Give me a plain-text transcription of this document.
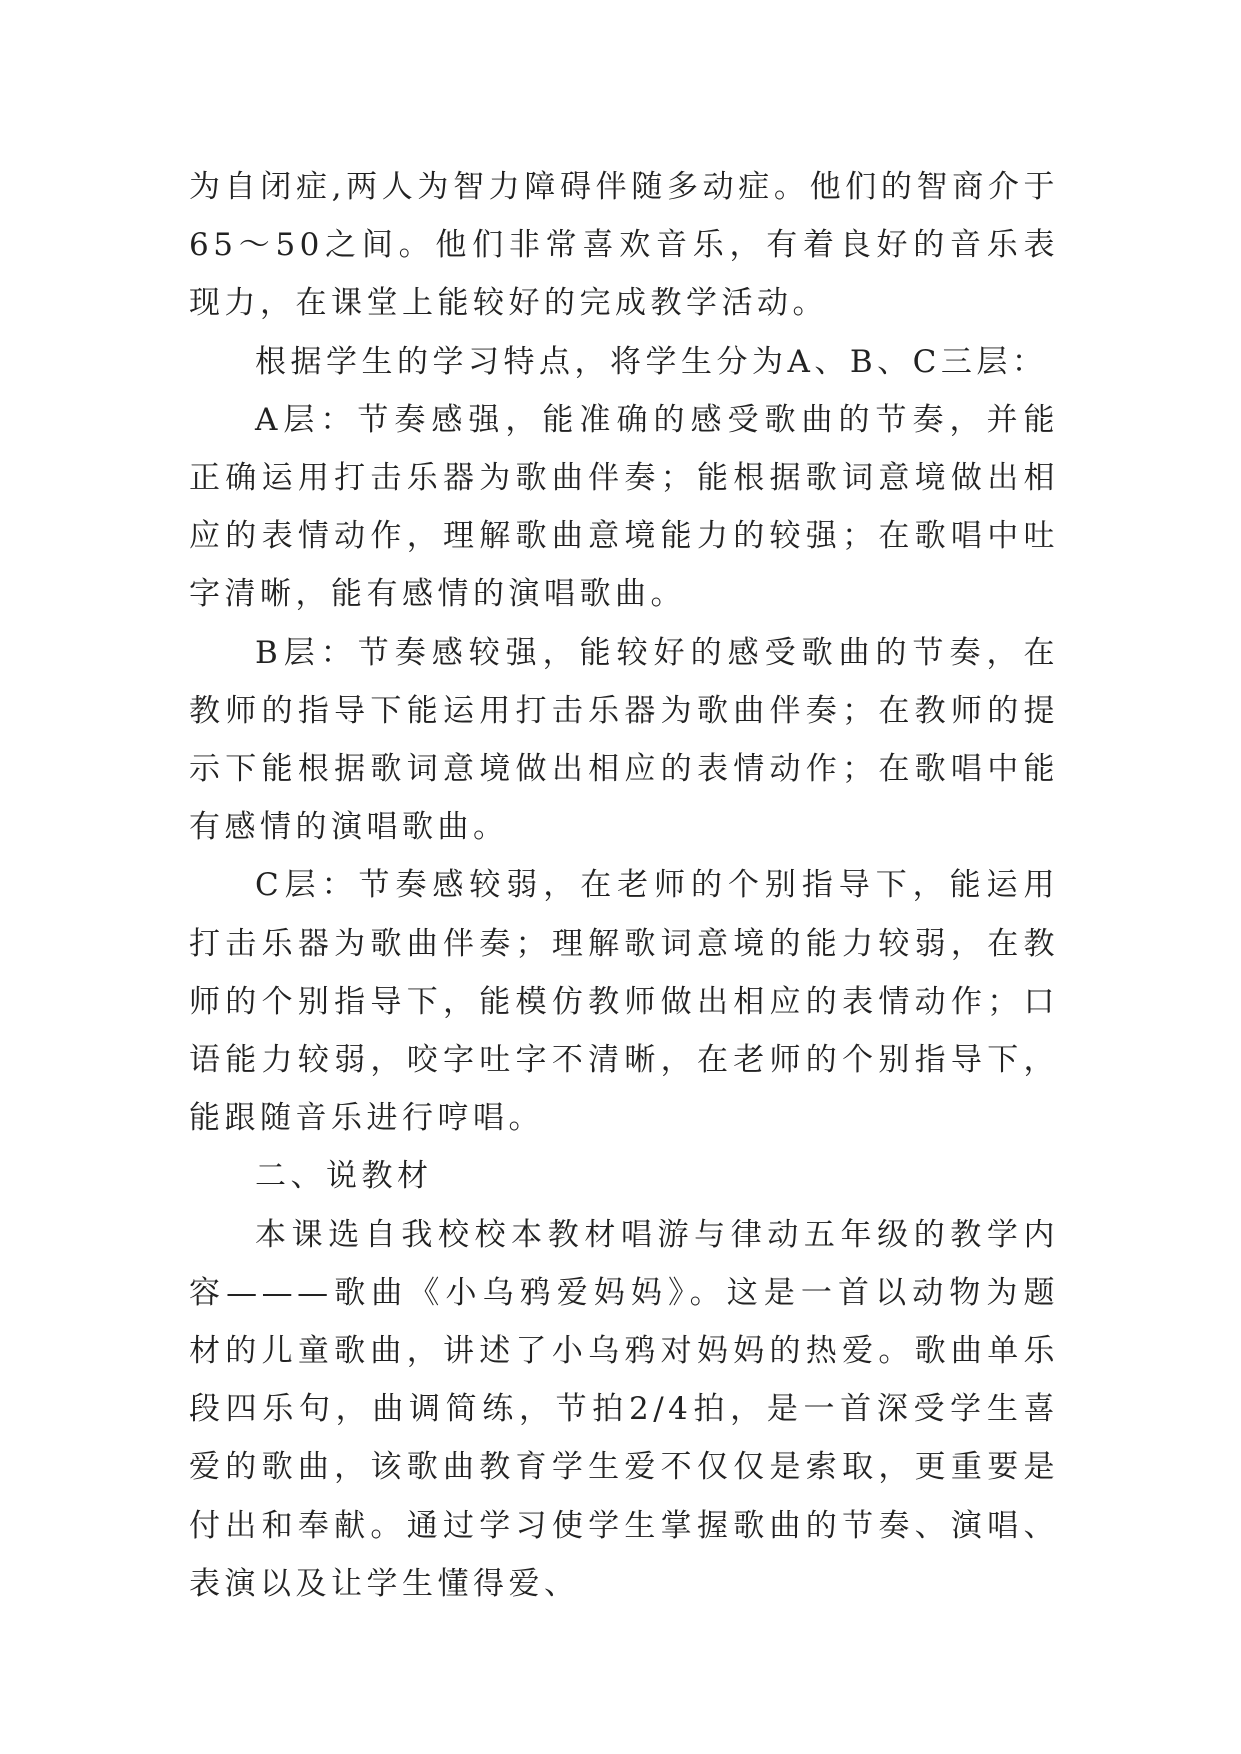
为自闭症,两人为智力障碍伴随多动症。他们的智商介于65～50之间。他们非常喜欢音乐，有着良好的音乐表现力，在课堂上能较好的完成教学活动。

根据学生的学习特点，将学生分为A、B、C三层：

A层：节奏感强，能准确的感受歌曲的节奏，并能正确运用打击乐器为歌曲伴奏；能根据歌词意境做出相应的表情动作，理解歌曲意境能力的较强；在歌唱中吐字清晰，能有感情的演唱歌曲。

B层：节奏感较强，能较好的感受歌曲的节奏，在教师的指导下能运用打击乐器为歌曲伴奏；在教师的提示下能根据歌词意境做出相应的表情动作；在歌唱中能有感情的演唱歌曲。

C层：节奏感较弱，在老师的个别指导下，能运用打击乐器为歌曲伴奏；理解歌词意境的能力较弱，在教师的个别指导下，能模仿教师做出相应的表情动作；口语能力较弱，咬字吐字不清晰，在老师的个别指导下，能跟随音乐进行哼唱。

二、说教材

本课选自我校校本教材唱游与律动五年级的教学内容———歌曲《小乌鸦爱妈妈》。这是一首以动物为题材的儿童歌曲，讲述了小乌鸦对妈妈的热爱。歌曲单乐段四乐句，曲调简练，节拍2/4拍，是一首深受学生喜爱的歌曲，该歌曲教育学生爱不仅仅是索取，更重要是付出和奉献。通过学习使学生掌握歌曲的节奏、演唱、表演以及让学生懂得爱、
